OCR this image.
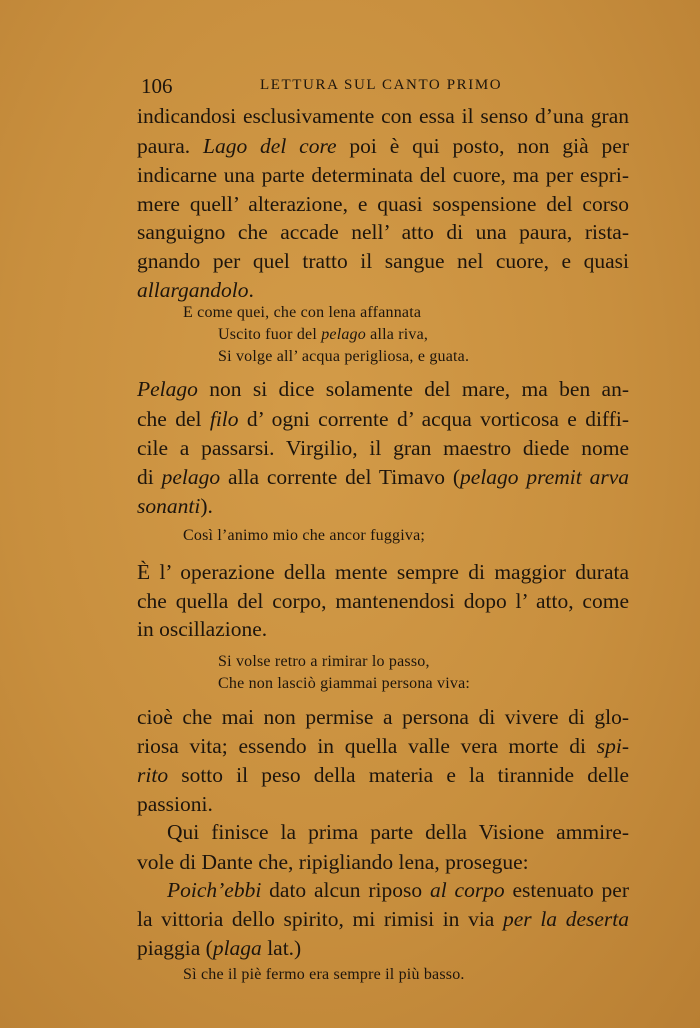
106	LETTURA SUL CANTO PRIMO
indicandosi esclusivamente con essa il senso d’una gran
paura. Lago del core poi è qui posto, non già per
indicarne una parte determinata del cuore, ma per espri-
mere quell’ alterazione, e quasi sospensione del corso
sanguigno che accade nell’ atto di una paura, rista-
gnando per quel tratto il sangue nel cuore, e quasi
allargandolo.
E come quei, che con lena affannata
Uscito fuor del pelago alla riva,
Si volge all’ acqua perigliosa, e guata.
Pelago non si dice solamente del mare, ma ben an-
che del filo d’ ogni corrente d’ acqua vorticosa e diffi-
cile a passarsi. Virgilio, il gran maestro diede nome
di pelago alla corrente del Timavo (pelago premit arva
sonanti).
Così l’animo mio che ancor fuggiva;
È l’ operazione della mente sempre di maggior durata
che quella del corpo, mantenendosi dopo l’ atto, come
in oscillazione.
Si volse retro a rimirar lo passo,
Che non lasciò giammai persona viva:
cioè che mai non permise a persona di vivere di glo-
riosa vita; essendo in quella valle vera morte di spi-
rito sotto il peso della materia e la tirannide delle
passioni.
Qui finisce la prima parte della Visione ammire-
vole di Dante che, ripigliando lena, prosegue:
Poich’ebbi dato alcun riposo al corpo estenuato per
la vittoria dello spirito, mi rimisi in via per la deserta
piaggia (plaga lat.)
Sì che il piè fermo era sempre il più basso.
